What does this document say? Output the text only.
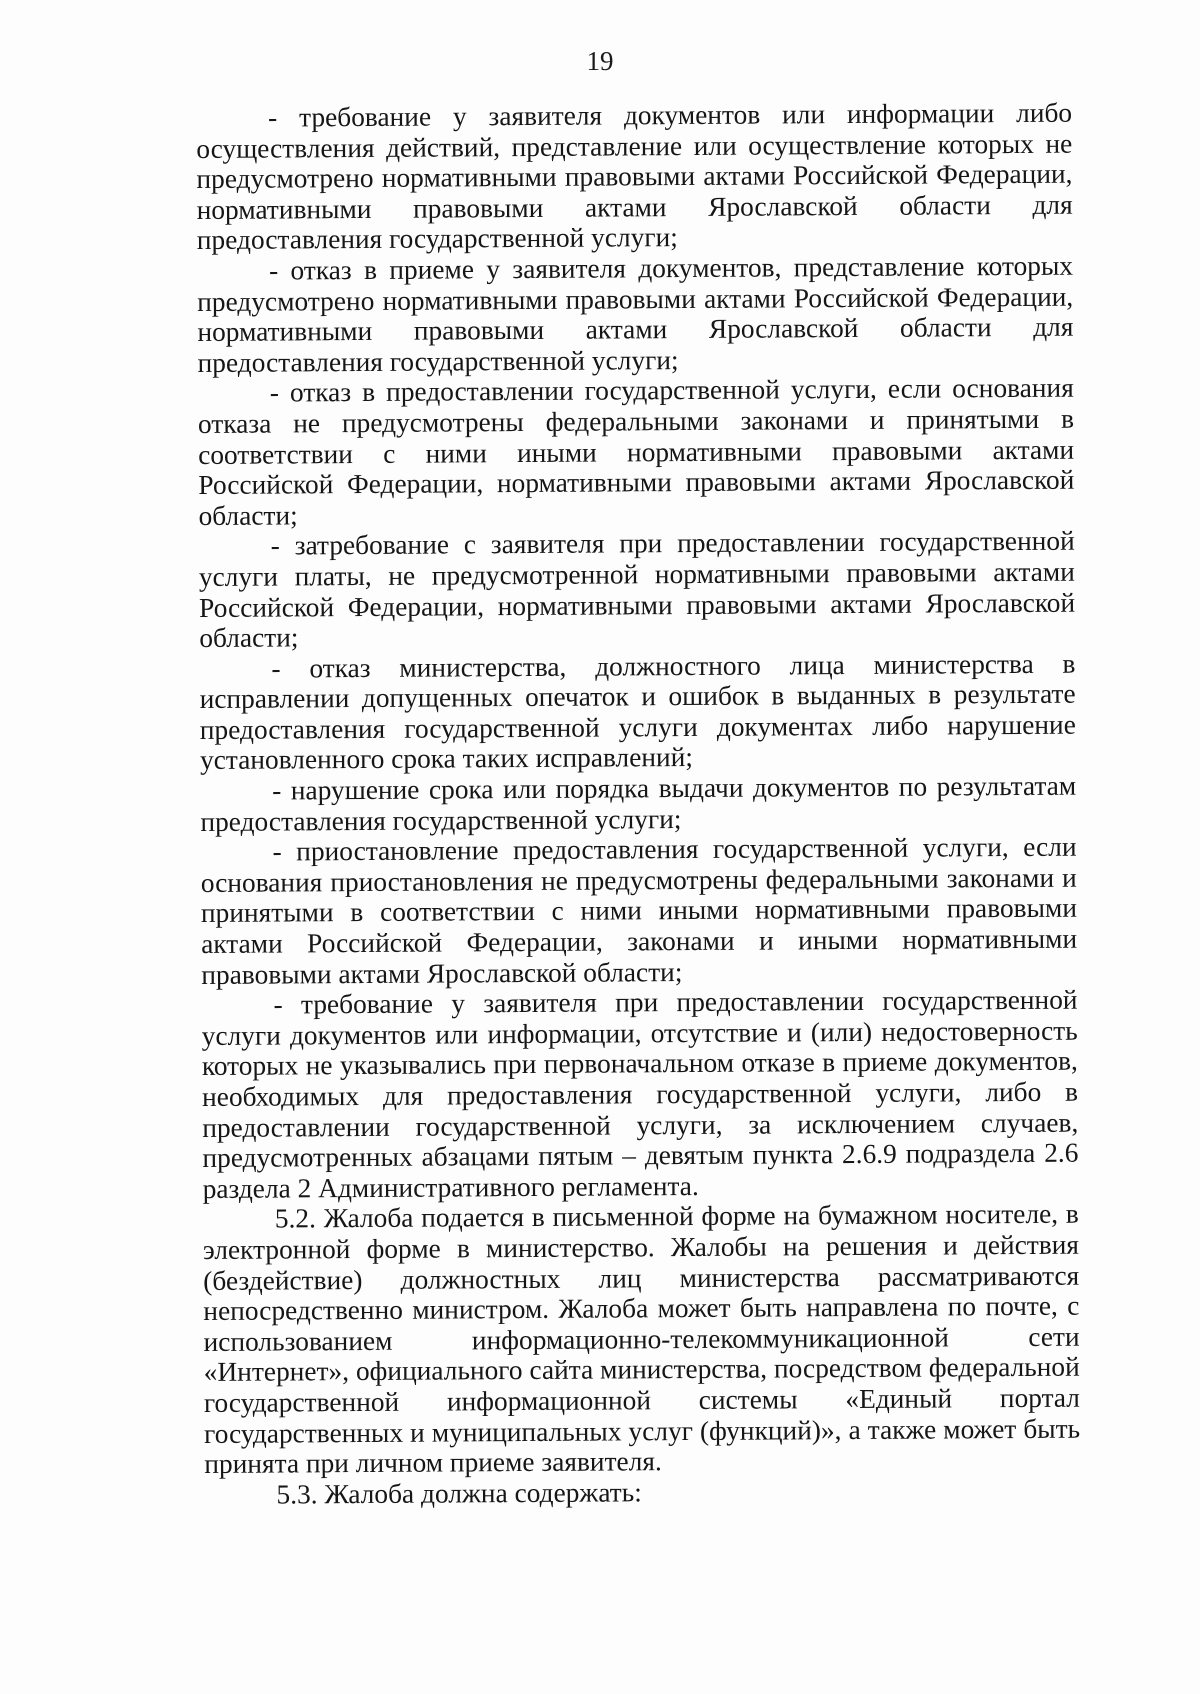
19

- требование у заявителя документов или информации либо осуществления действий, представление или осуществление которых не предусмотрено нормативными правовыми актами Российской Федерации, нормативными правовыми актами Ярославской области для предоставления государственной услуги;

- отказ в приеме у заявителя документов, представление которых предусмотрено нормативными правовыми актами Российской Федерации, нормативными правовыми актами Ярославской области для предоставления государственной услуги;

- отказ в предоставлении государственной услуги, если основания отказа не предусмотрены федеральными законами и принятыми в соответствии с ними иными нормативными правовыми актами Российской Федерации, нормативными правовыми актами Ярославской области;

- затребование с заявителя при предоставлении государственной услуги платы, не предусмотренной нормативными правовыми актами Российской Федерации, нормативными правовыми актами Ярославской области;

- отказ министерства, должностного лица министерства в исправлении допущенных опечаток и ошибок в выданных в результате предоставления государственной услуги документах либо нарушение установленного срока таких исправлений;

- нарушение срока или порядка выдачи документов по результатам предоставления государственной услуги;

- приостановление предоставления государственной услуги, если основания приостановления не предусмотрены федеральными законами и принятыми в соответствии с ними иными нормативными правовыми актами Российской Федерации, законами и иными нормативными правовыми актами Ярославской области;

- требование у заявителя при предоставлении государственной услуги документов или информации, отсутствие и (или) недостоверность которых не указывались при первоначальном отказе в приеме документов, необходимых для предоставления государственной услуги, либо в предоставлении государственной услуги, за исключением случаев, предусмотренных абзацами пятым – девятым пункта 2.6.9 подраздела 2.6 раздела 2 Административного регламента.

5.2. Жалоба подается в письменной форме на бумажном носителе, в электронной форме в министерство. Жалобы на решения и действия (бездействие) должностных лиц министерства рассматриваются непосредственно министром. Жалоба может быть направлена по почте, с использованием информационно-телекоммуникационной сети «Интернет», официального сайта министерства, посредством федеральной государственной информационной системы «Единый портал государственных и муниципальных услуг (функций)», а также может быть принята при личном приеме заявителя.

5.3. Жалоба должна содержать:
